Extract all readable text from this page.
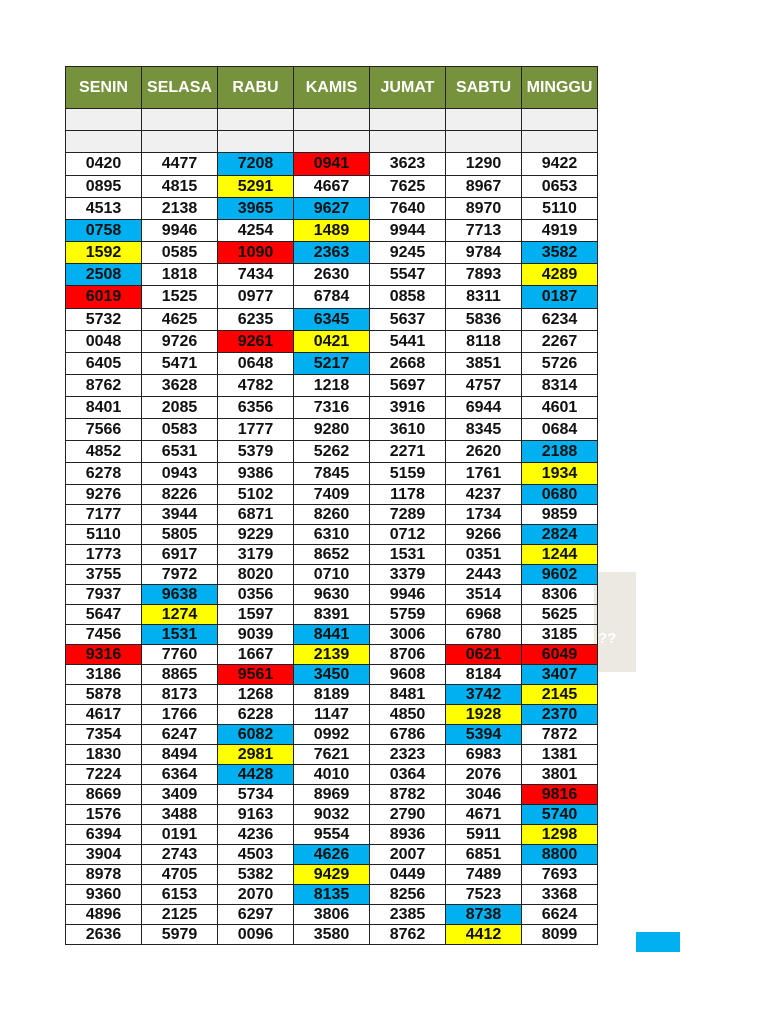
??
SENIN	SELASA	RABU	KAMIS	JUMAT	SABTU	MINGGU

0420	4477	7208	0941	3623	1290	9422
0895	4815	5291	4667	7625	8967	0653
4513	2138	3965	9627	7640	8970	5110
0758	9946	4254	1489	9944	7713	4919
1592	0585	1090	2363	9245	9784	3582
2508	1818	7434	2630	5547	7893	4289
6019	1525	0977	6784	0858	8311	0187
5732	4625	6235	6345	5637	5836	6234
0048	9726	9261	0421	5441	8118	2267
6405	5471	0648	5217	2668	3851	5726
8762	3628	4782	1218	5697	4757	8314
8401	2085	6356	7316	3916	6944	4601
7566	0583	1777	9280	3610	8345	0684
4852	6531	5379	5262	2271	2620	2188
6278	0943	9386	7845	5159	1761	1934
9276	8226	5102	7409	1178	4237	0680
7177	3944	6871	8260	7289	1734	9859
5110	5805	9229	6310	0712	9266	2824
1773	6917	3179	8652	1531	0351	1244
3755	7972	8020	0710	3379	2443	9602
7937	9638	0356	9630	9946	3514	8306
5647	1274	1597	8391	5759	6968	5625
7456	1531	9039	8441	3006	6780	3185
9316	7760	1667	2139	8706	0621	6049
3186	8865	9561	3450	9608	8184	3407
5878	8173	1268	8189	8481	3742	2145
4617	1766	6228	1147	4850	1928	2370
7354	6247	6082	0992	6786	5394	7872
1830	8494	2981	7621	2323	6983	1381
7224	6364	4428	4010	0364	2076	3801
8669	3409	5734	8969	8782	3046	9816
1576	3488	9163	9032	2790	4671	5740
6394	0191	4236	9554	8936	5911	1298
3904	2743	4503	4626	2007	6851	8800
8978	4705	5382	9429	0449	7489	7693
9360	6153	2070	8135	8256	7523	3368
4896	2125	6297	3806	2385	8738	6624
2636	5979	0096	3580	8762	4412	8099
